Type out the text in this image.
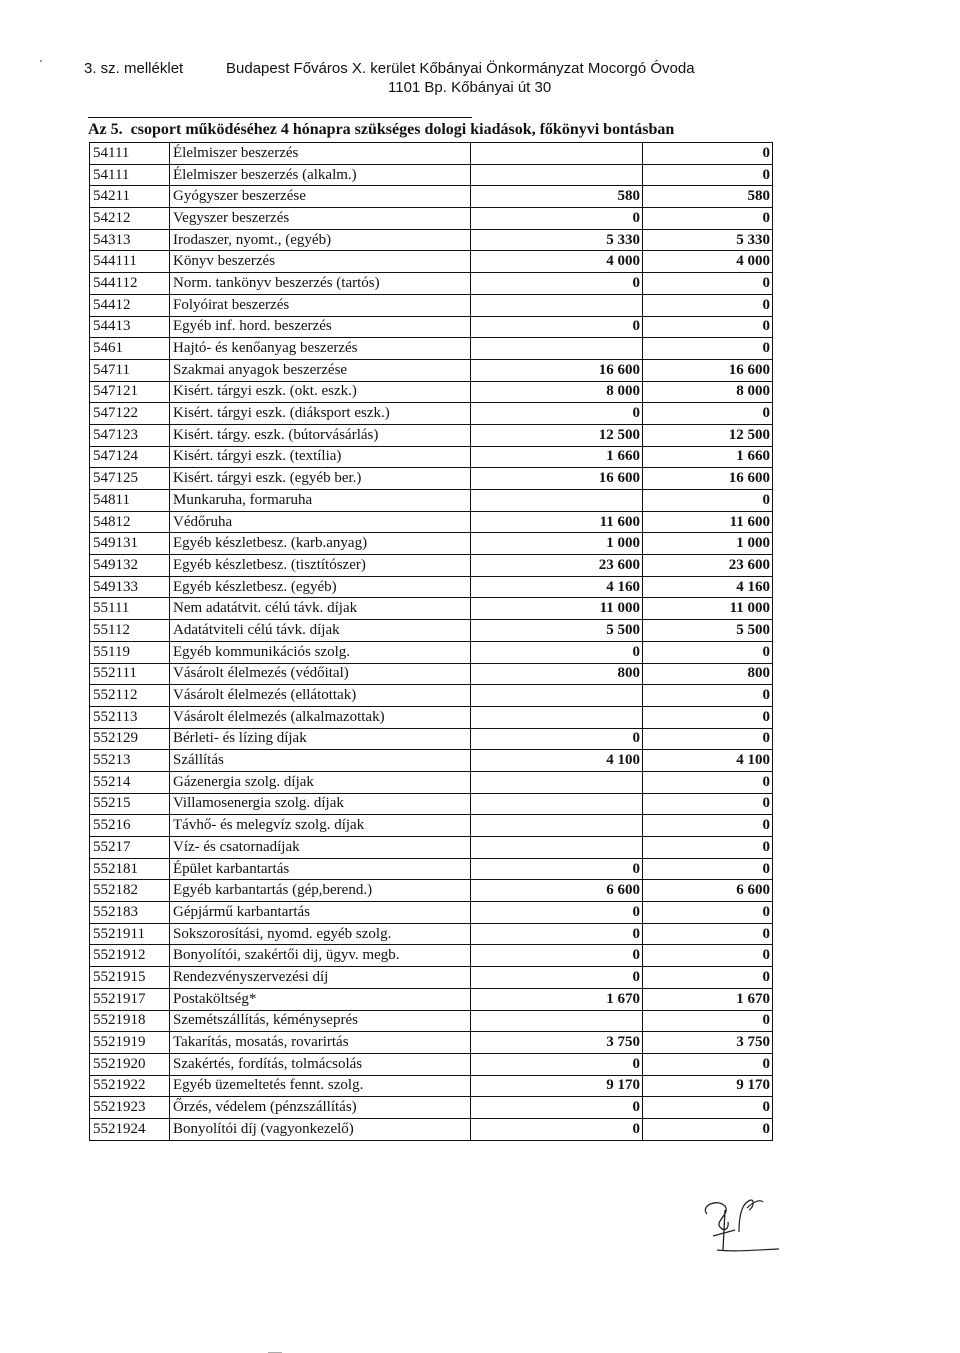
3. sz. melléklet	Budapest Főváros X. kerület Kőbányai Önkormányzat Mocorgó Óvoda
1101 Bp. Kőbányai út 30
Az 5. csoport működéséhez 4 hónapra szükséges dologi kiadások, főkönyvi bontásban
54111	Élelmiszer beszerzés		0
54111	Élelmiszer beszerzés (alkalm.)		0
54211	Gyógyszer beszerzése	580	580
54212	Vegyszer beszerzés	0	0
54313	Irodaszer, nyomt., (egyéb)	5 330	5 330
544111	Könyv beszerzés	4 000	4 000
544112	Norm. tankönyv beszerzés (tartós)	0	0
54412	Folyóirat beszerzés		0
54413	Egyéb inf. hord. beszerzés	0	0
5461	Hajtó- és kenőanyag beszerzés		0
54711	Szakmai anyagok beszerzése	16 600	16 600
547121	Kisért. tárgyi eszk. (okt. eszk.)	8 000	8 000
547122	Kisért. tárgyi eszk. (diáksport eszk.)	0	0
547123	Kisért. tárgy. eszk. (bútorvásárlás)	12 500	12 500
547124	Kisért. tárgyi eszk. (textília)	1 660	1 660
547125	Kisért. tárgyi eszk. (egyéb ber.)	16 600	16 600
54811	Munkaruha, formaruha		0
54812	Védőruha	11 600	11 600
549131	Egyéb készletbesz. (karb.anyag)	1 000	1 000
549132	Egyéb készletbesz. (tisztítószer)	23 600	23 600
549133	Egyéb készletbesz. (egyéb)	4 160	4 160
55111	Nem adatátvit. célú távk. díjak	11 000	11 000
55112	Adatátviteli célú távk. díjak	5 500	5 500
55119	Egyéb kommunikációs szolg.	0	0
552111	Vásárolt élelmezés (védőital)	800	800
552112	Vásárolt élelmezés (ellátottak)		0
552113	Vásárolt élelmezés (alkalmazottak)		0
552129	Bérleti- és lízing díjak	0	0
55213	Szállítás	4 100	4 100
55214	Gázenergia szolg. díjak		0
55215	Villamosenergia szolg. díjak		0
55216	Távhő- és melegvíz szolg. díjak		0
55217	Víz- és csatornadíjak		0
552181	Épület karbantartás	0	0
552182	Egyéb karbantartás (gép,berend.)	6 600	6 600
552183	Gépjármű karbantartás	0	0
5521911	Sokszorosítási, nyomd. egyéb szolg.	0	0
5521912	Bonyolítói, szakértői dij, ügyv. megb.	0	0
5521915	Rendezvényszervezési díj	0	0
5521917	Postaköltség*	1 670	1 670
5521918	Szemétszállítás, kéményseprés		0
5521919	Takarítás, mosatás, rovarirtás	3 750	3 750
5521920	Szakértés, fordítás, tolmácsolás	0	0
5521922	Egyéb üzemeltetés fennt. szolg.	9 170	9 170
5521923	Őrzés, védelem (pénzszállítás)	0	0
5521924	Bonyolítói díj (vagyonkezelő)	0	0
